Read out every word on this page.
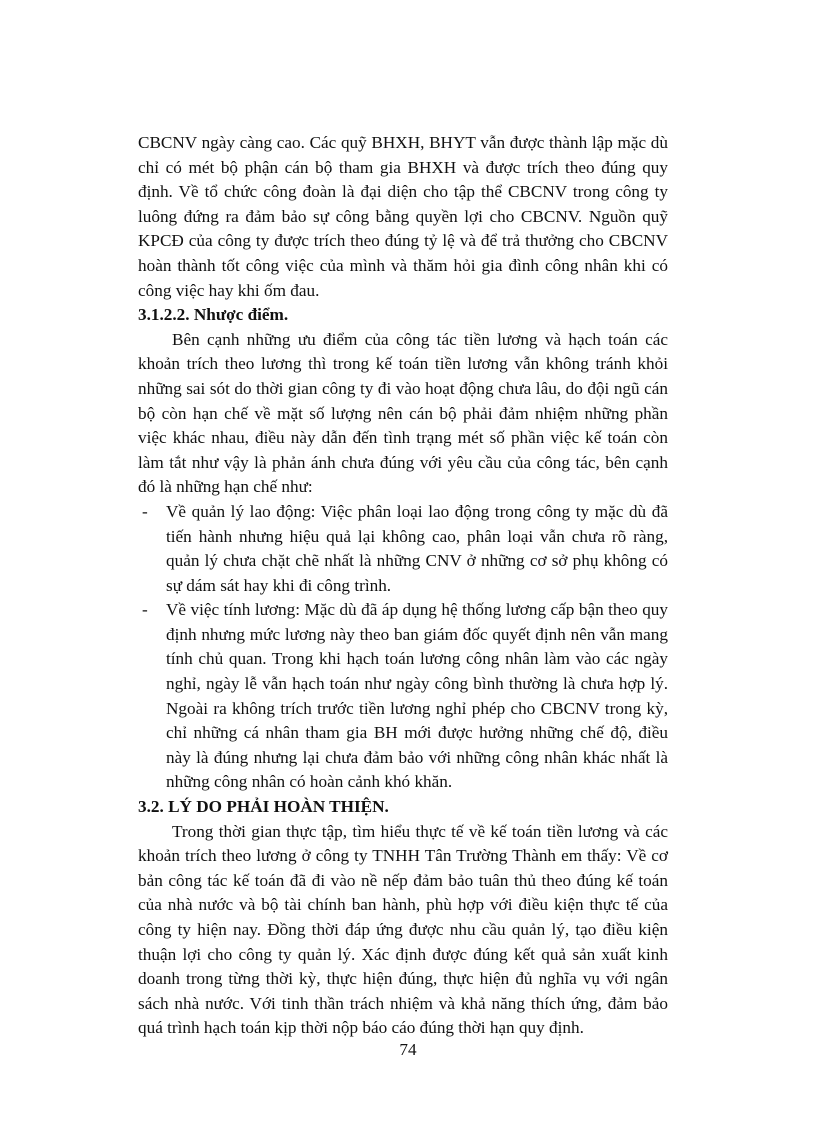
CBCNV ngày càng cao. Các quỹ BHXH, BHYT vẫn được thành lập mặc dù chỉ có mét bộ phận cán bộ tham gia BHXH và được trích theo đúng quy định. Về tổ chức công đoàn là đại diện cho tập thể CBCNV trong công ty luông đứng ra đảm bảo sự công bằng quyền lợi cho CBCNV. Nguồn quỹ KPCĐ của công ty được trích theo đúng tỷ lệ và để trả thưởng cho CBCNV hoàn thành tốt công việc của mình và thăm hỏi gia đình công nhân khi có công việc hay khi ốm đau.

3.1.2.2. Nhược điểm.

Bên cạnh những ưu điểm của công tác tiền lương và hạch toán các khoản trích theo lương thì trong kế toán tiền lương vẫn không tránh khỏi những sai sót do thời gian công ty đi vào hoạt động chưa lâu, do đội ngũ cán bộ còn hạn chế về mặt số lượng nên cán bộ phải đảm nhiệm những phần việc khác nhau, điều này dẫn đến tình trạng mét số phần việc kế toán còn làm tắt như vậy là phản ánh chưa đúng với yêu cầu của công tác, bên cạnh đó là những hạn chế như:

- Về quản lý lao động: Việc phân loại lao động trong công ty mặc dù đã tiến hành nhưng hiệu quả lại không cao, phân loại vẫn chưa rõ ràng, quản lý chưa chặt chẽ nhất là những CNV ở những cơ sở phụ không có sự dám sát hay khi đi công trình.
- Về việc tính lương: Mặc dù đã áp dụng hệ thống lương cấp bận theo quy định nhưng mức lương này theo ban giám đốc quyết định nên vẫn mang tính chủ quan. Trong khi hạch toán lương công nhân làm vào các ngày nghỉ, ngày lễ vẫn hạch toán như ngày công bình thường là chưa hợp lý. Ngoài ra không trích trước tiền lương nghỉ phép cho CBCNV trong kỳ, chỉ những cá nhân tham gia BH mới được hưởng những chế độ, điều này là đúng nhưng lại chưa đảm bảo với những công nhân khác nhất là những công nhân có hoàn cảnh khó khăn.

3.2. LÝ DO PHẢI HOÀN THIỆN.

Trong thời gian thực tập, tìm hiểu thực tế về kế toán tiền lương và các khoản trích theo lương ở công ty TNHH Tân Trường Thành em thấy: Về cơ bản công tác kế toán đã đi vào nề nếp đảm bảo tuân thủ theo đúng kế toán của nhà nước và bộ tài chính ban hành, phù hợp với điều kiện thực tế của công ty hiện nay. Đồng thời đáp ứng được nhu cầu quản lý, tạo điều kiện thuận lợi cho công ty quản lý. Xác định được đúng kết quả sản xuất kinh doanh trong từng thời kỳ, thực hiện đúng, thực hiện đủ nghĩa vụ với ngân sách nhà nước. Với tinh thần trách nhiệm và khả năng thích ứng, đảm bảo quá trình hạch toán kịp thời nộp báo cáo đúng thời hạn quy định.

74
